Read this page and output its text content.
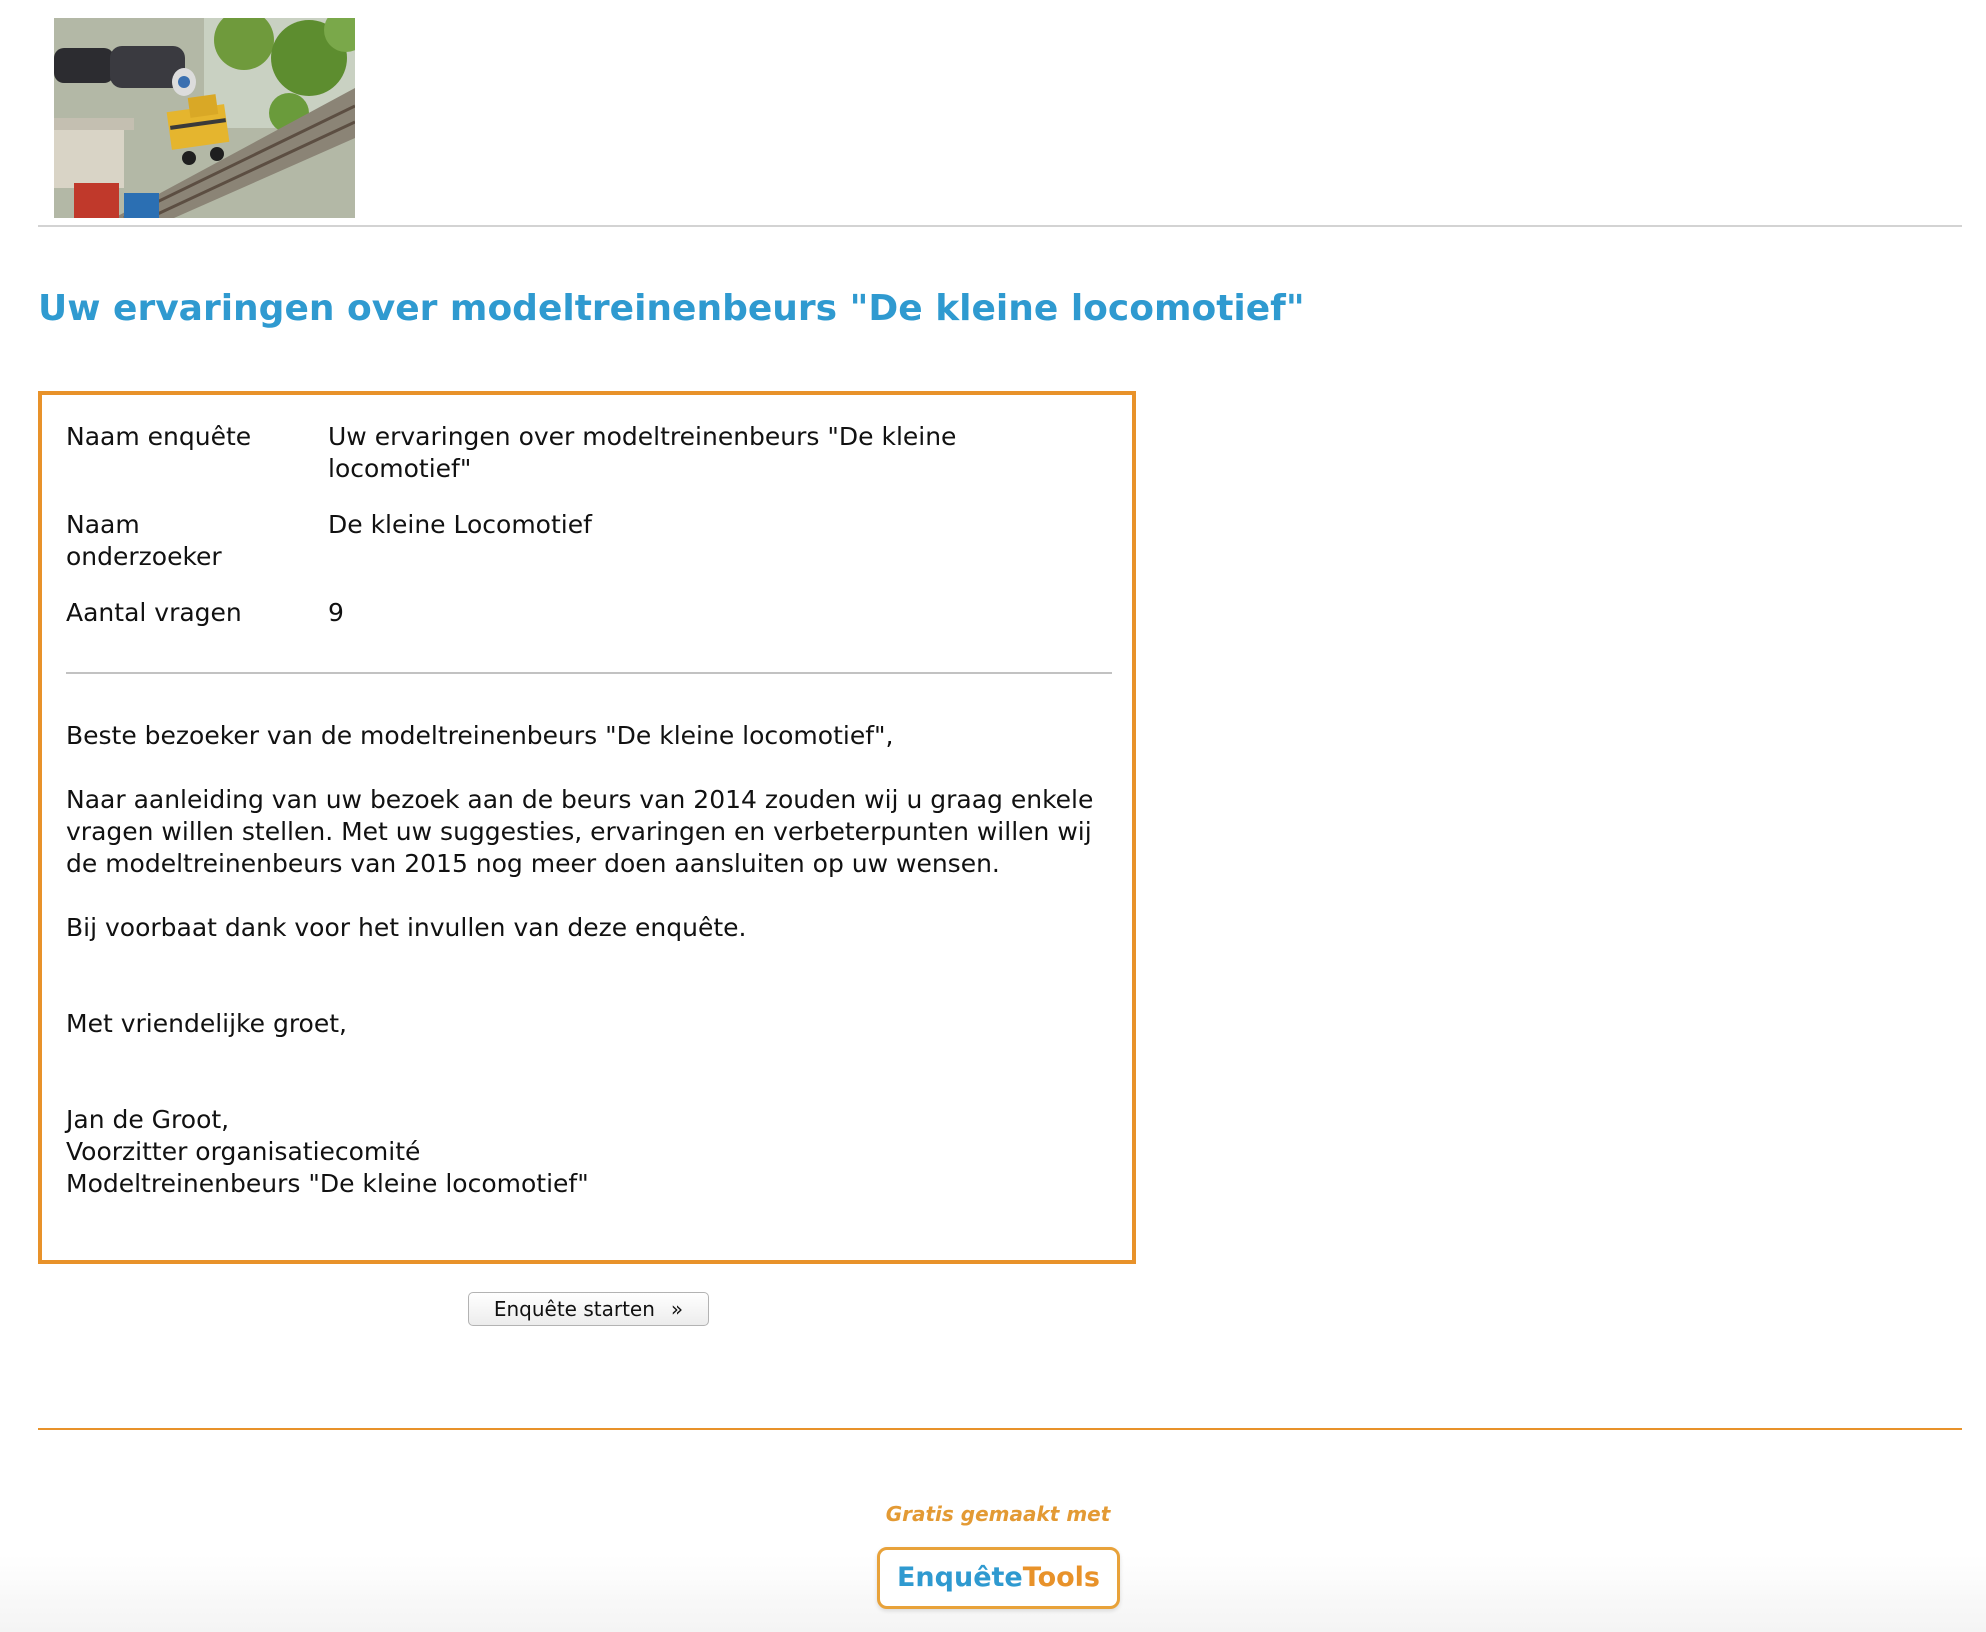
Uw ervaringen over modeltreinenbeurs "De kleine locomotief"
Naam enquête	Uw ervaringen over modeltreinenbeurs "De kleine locomotief"
Naam onderzoeker	De kleine Locomotief
Aantal vragen	9

Beste bezoeker van de modeltreinenbeurs "De kleine locomotief",

Naar aanleiding van uw bezoek aan de beurs van 2014 zouden wij u graag enkele vragen willen stellen. Met uw suggesties, ervaringen en verbeterpunten willen wij de modeltreinenbeurs van 2015 nog meer doen aansluiten op uw wensen.

Bij voorbaat dank voor het invullen van deze enquête.

Met vriendelijke groet,

Jan de Groot,

Voorzitter organisatiecomité

Modeltreinenbeurs "De kleine locomotief"

Enquête starten »
Gratis gemaakt met
EnquêteTools
